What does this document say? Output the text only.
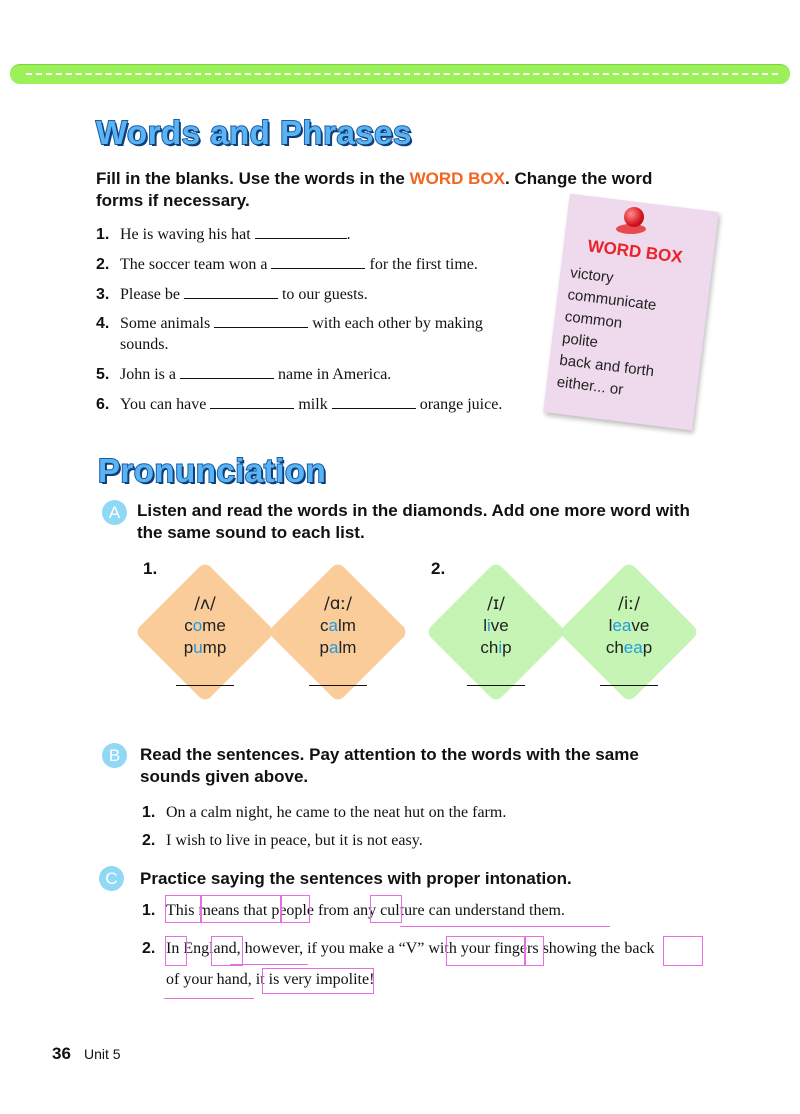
Words and Phrases
Fill in the blanks. Use the words in the WORD BOX. Change the word forms if necessary.
1. He is waving his hat	.
2. The soccer team won a	for the first time.
3. Please be	to our guests.
4. Some animals	with each other by making
sounds.
5. John is a	name in America.
6. You can have	milk	orange juice.
WORD BOX
victory
communicate
common
polite
back and forth
either... or
Pronunciation
A Listen and read the words in the diamonds. Add one more word with
the same sound to each list.
1.	2.
/ʌ/
come
pump
/ɑː/
calm
palm
/ɪ/
live
chip
/iː/
leave
cheap
B	Read the sentences. Pay attention to the words with the same
sounds given above.
1. On a calm night, he came to the neat hut on the farm.
2. I wish to live in peace, but it is not easy.
C	Practice saying the sentences with proper intonation.
1. This means that people from any culture can understand them.
2. In England, however, if you make a “V” with your fingers showing the back
of your hand, it is very impolite!
36 Unit 5
